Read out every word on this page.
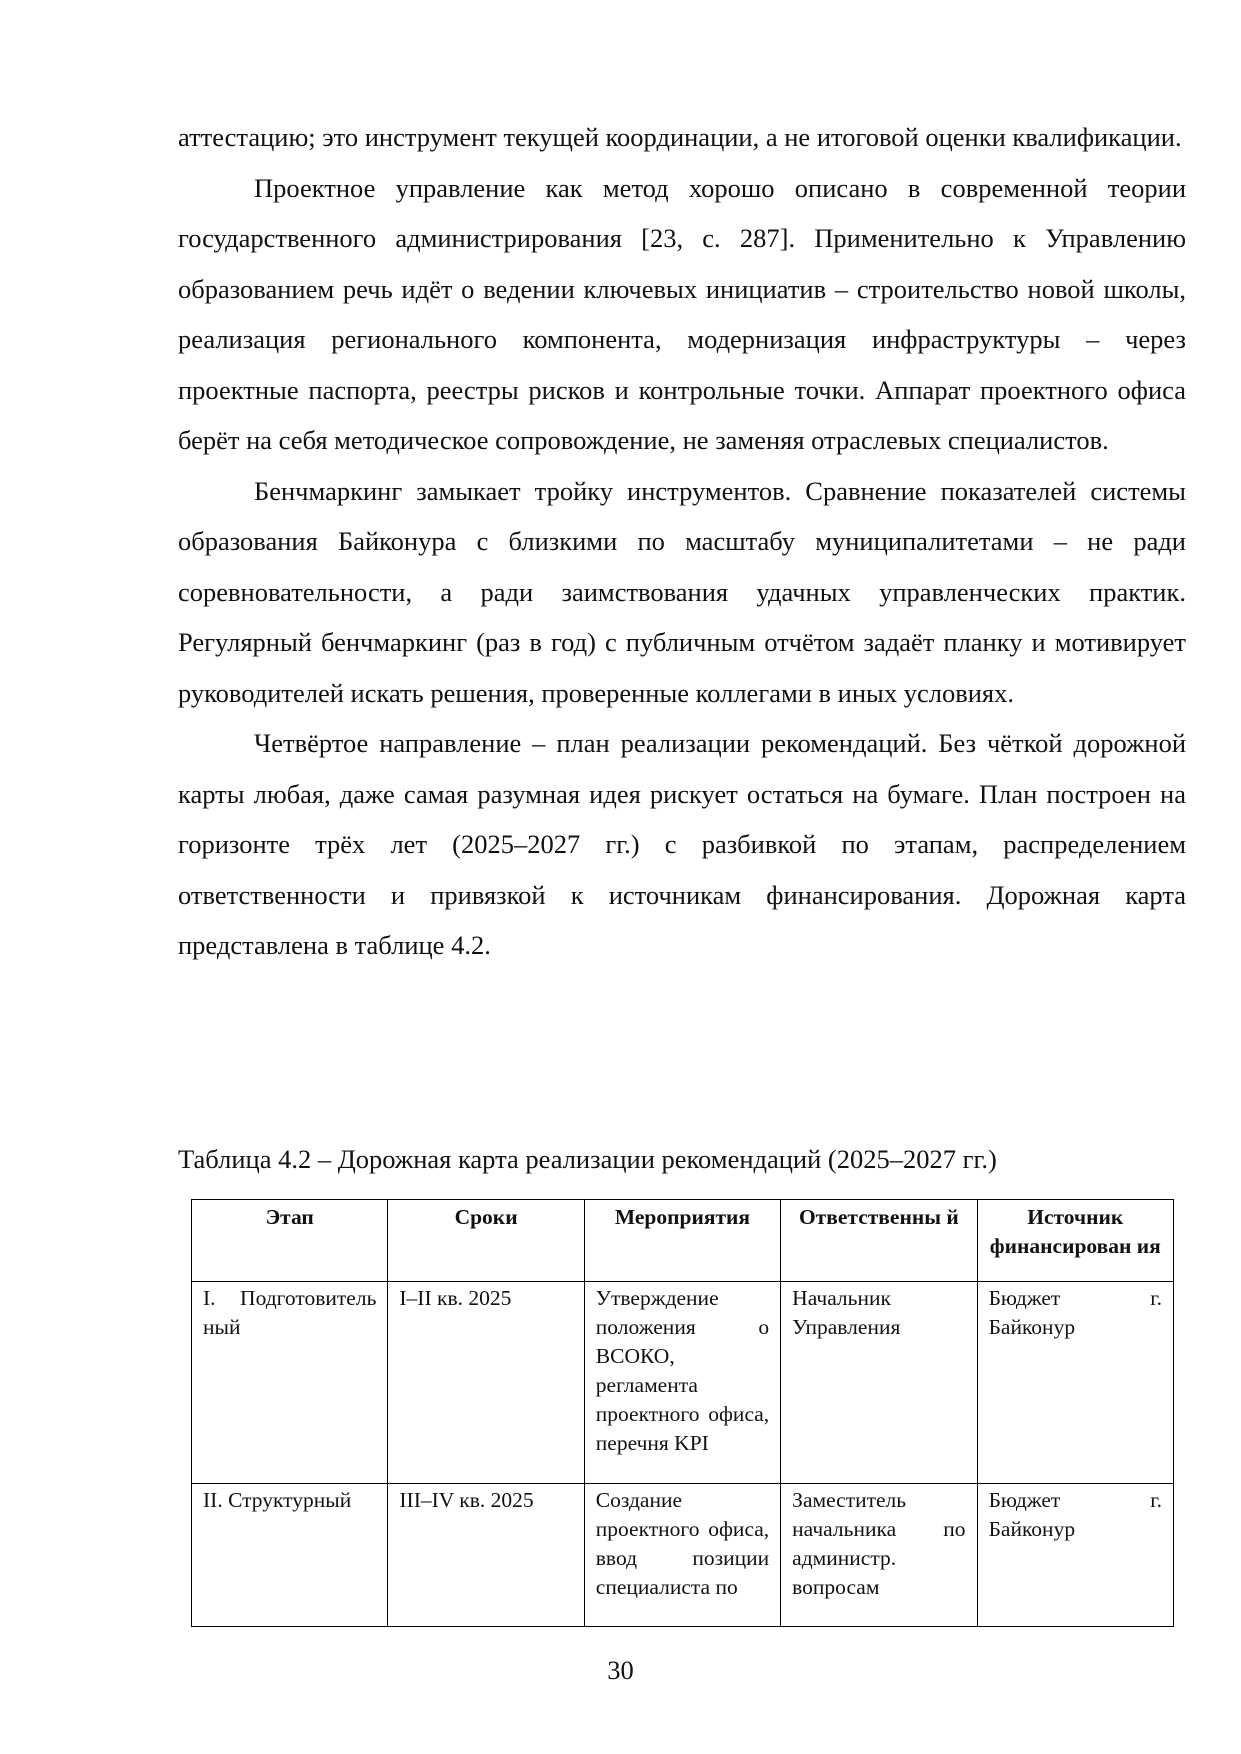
аттестацию; это инструмент текущей координации, а не итоговой оценки квалификации.

Проектное управление как метод хорошо описано в современной теории государственного администрирования [23, с. 287]. Применительно к Управлению образованием речь идёт о ведении ключевых инициатив – строительство новой школы, реализация регионального компонента, модернизация инфраструктуры – через проектные паспорта, реестры рисков и контрольные точки. Аппарат проектного офиса берёт на себя методическое сопровождение, не заменяя отраслевых специалистов.

Бенчмаркинг замыкает тройку инструментов. Сравнение показателей системы образования Байконура с близкими по масштабу муниципалитетами – не ради соревновательности, а ради заимствования удачных управленческих практик. Регулярный бенчмаркинг (раз в год) с публичным отчётом задаёт планку и мотивирует руководителей искать решения, проверенные коллегами в иных условиях.

Четвёртое направление – план реализации рекомендаций. Без чёткой дорожной карты любая, даже самая разумная идея рискует остаться на бумаге. План построен на горизонте трёх лет (2025–2027 гг.) с разбивкой по этапам, распределением ответственности и привязкой к источникам финансирования. Дорожная карта представлена в таблице 4.2.

Таблица 4.2 – Дорожная карта реализации рекомендаций (2025–2027 гг.)
Этап	Сроки	Мероприятия	Ответственны й	Источник финансирован ия
I. Подготовитель ный	I–II кв. 2025	Утверждение положения о ВСОКО, регламента проектного офиса, перечня KPI	Начальник Управления	Бюджет г. Байконур

II. Структурный	III–IV кв. 2025	Создание проектного офиса, ввод позиции специалиста по	Заместитель начальника по администр. вопросам	Бюджет г. Байконур
30
